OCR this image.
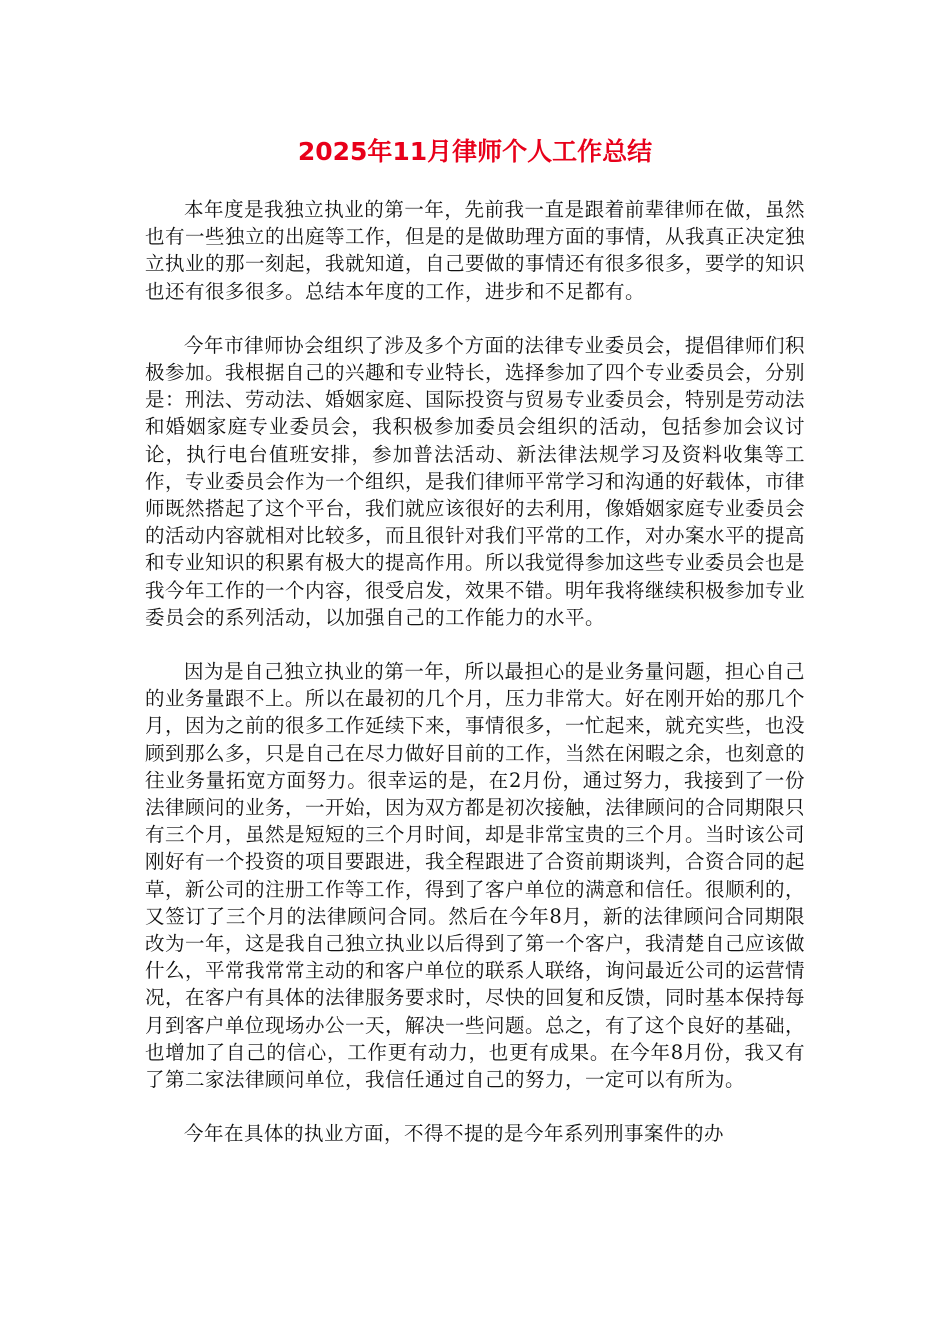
2025年11月律师个人工作总结

本年度是我独立执业的第一年，先前我一直是跟着前辈律师在做，虽然也有一些独立的出庭等工作，但是的是做助理方面的事情，从我真正决定独立执业的那一刻起，我就知道，自己要做的事情还有很多很多，要学的知识也还有很多很多。总结本年度的工作，进步和不足都有。

今年市律师协会组织了涉及多个方面的法律专业委员会，提倡律师们积极参加。我根据自己的兴趣和专业特长，选择参加了四个专业委员会，分别是：刑法、劳动法、婚姻家庭、国际投资与贸易专业委员会，特别是劳动法和婚姻家庭专业委员会，我积极参加委员会组织的活动，包括参加会议讨论，执行电台值班安排，参加普法活动、新法律法规学习及资料收集等工作，专业委员会作为一个组织，是我们律师平常学习和沟通的好载体，市律师既然搭起了这个平台，我们就应该很好的去利用，像婚姻家庭专业委员会的活动内容就相对比较多，而且很针对我们平常的工作，对办案水平的提高和专业知识的积累有极大的提高作用。所以我觉得参加这些专业委员会也是我今年工作的一个内容，很受启发，效果不错。明年我将继续积极参加专业委员会的系列活动，以加强自己的工作能力的水平。

因为是自己独立执业的第一年，所以最担心的是业务量问题，担心自己的业务量跟不上。所以在最初的几个月，压力非常大。好在刚开始的那几个月，因为之前的很多工作延续下来，事情很多，一忙起来，就充实些，也没顾到那么多，只是自己在尽力做好目前的工作，当然在闲暇之余，也刻意的往业务量拓宽方面努力。很幸运的是，在2月份，通过努力，我接到了一份法律顾问的业务，一开始，因为双方都是初次接触，法律顾问的合同期限只有三个月，虽然是短短的三个月时间，却是非常宝贵的三个月。当时该公司刚好有一个投资的项目要跟进，我全程跟进了合资前期谈判，合资合同的起草，新公司的注册工作等工作，得到了客户单位的满意和信任。很顺利的，又签订了三个月的法律顾问合同。然后在今年8月，新的法律顾问合同期限改为一年，这是我自己独立执业以后得到了第一个客户，我清楚自己应该做什么，平常我常常主动的和客户单位的联系人联络，询问最近公司的运营情况，在客户有具体的法律服务要求时，尽快的回复和反馈，同时基本保持每月到客户单位现场办公一天，解决一些问题。总之，有了这个良好的基础，也增加了自己的信心，工作更有动力，也更有成果。在今年8月份，我又有了第二家法律顾问单位，我信任通过自己的努力，一定可以有所为。

今年在具体的执业方面，不得不提的是今年系列刑事案件的办
